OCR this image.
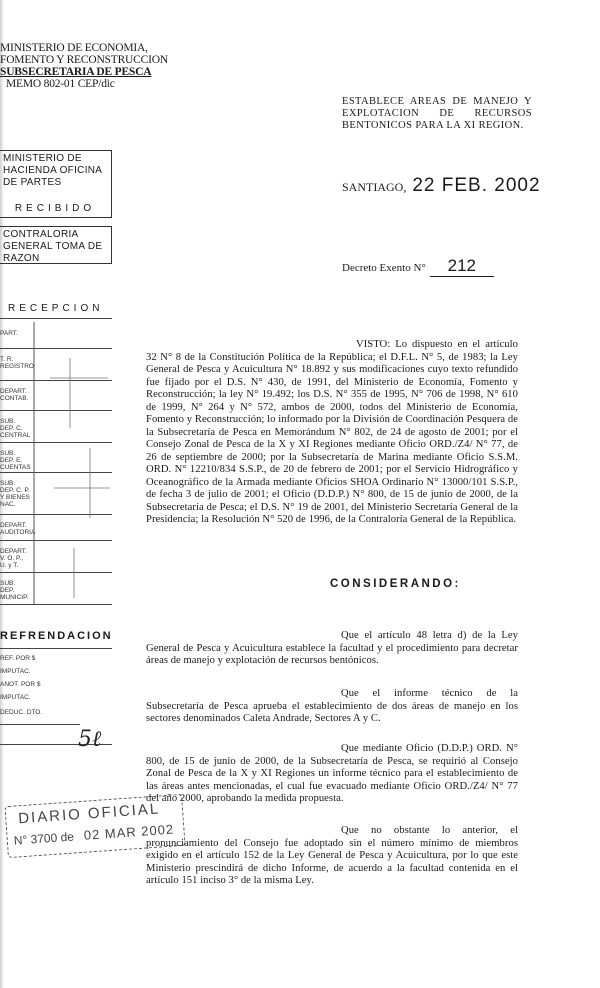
MINISTERIO DE ECONOMIA,
FOMENTO Y RECONSTRUCCION
SUBSECRETARIA DE PESCA
MEMO 802-01 CEP/dic
ESTABLECE AREAS DE MANEJO Y EXPLOTACION DE RECURSOS BENTONICOS PARA LA XI REGION.
SANTIAGO, 22 FEB. 2002
Decreto Exento N° 212
MINISTERIO DE HACIENDA OFICINA DE PARTES
RECIBIDO
CONTRALORIA GENERAL TOMA DE RAZON
RECEPCION
PART.
T. R. REGISTRO
DEPART. CONTAB.
SUB. DEP. C. CENTRAL
SUB. DEP. E. CUENTAS
SUB. DEP. C. P. Y BIENES NAC.
DEPART. AUDITORIA
DEPART. V. O. P., U. y T.
SUB. DEP. MUNICIP.
REFRENDACION
REF. POR $
IMPUTAC.
ANOT. POR $
IMPUTAC.
DEDUC. DTO.
5ℓ
DIARIO OFICIAL
N° 3700 de 02 MAR 2002
VISTO: Lo dispuesto en el artículo 32 N° 8 de la Constitución Política de la República; el D.F.L. N° 5, de 1983; la Ley General de Pesca y Acuicultura N° 18.892 y sus modificaciones cuyo texto refundido fue fijado por el D.S. N° 430, de 1991, del Ministerio de Economía, Fomento y Reconstrucción; la ley N° 19.492; los D.S. N° 355 de 1995, N° 706 de 1998, N° 610 de 1999, N° 264 y N° 572, ambos de 2000, todos del Ministerio de Economía, Fomento y Reconstrucción; lo informado por la División de Coordinación Pesquera de la Subsecretaría de Pesca en Memorándum N° 802, de 24 de agosto de 2001; por el Consejo Zonal de Pesca de la X y XI Regiones mediante Oficio ORD./Z4/ N° 77, de 26 de septiembre de 2000; por la Subsecretaría de Marina mediante Oficio S.S.M. ORD. N° 12210/834 S.S.P., de 20 de febrero de 2001; por el Servicio Hidrográfico y Oceanográfico de la Armada mediante Oficios SHOA Ordinario N° 13000/101 S.S.P., de fecha 3 de julio de 2001; el Oficio (D.D.P.) N° 800, de 15 de junio de 2000, de la Subsecretaría de Pesca; el D.S. N° 19 de 2001, del Ministerio Secretaría General de la Presidencia; la Resolución N° 520 de 1996, de la Contraloría General de la República.
CONSIDERANDO:
Que el artículo 48 letra d) de la Ley General de Pesca y Acuicultura establece la facultad y el procedimiento para decretar áreas de manejo y explotación de recursos bentónicos.
Que el informe técnico de la Subsecretaría de Pesca aprueba el establecimiento de dos áreas de manejo en los sectores denominados Caleta Andrade, Sectores A y C.
Que mediante Oficio (D.D.P.) ORD. N° 800, de 15 de junio de 2000, de la Subsecretaría de Pesca, se requirió al Consejo Zonal de Pesca de la X y XI Regiones un informe técnico para el establecimiento de las áreas antes mencionadas, el cual fue evacuado mediante Oficio ORD./Z4/ N° 77 del año 2000, aprobando la medida propuesta.
Que no obstante lo anterior, el pronunciamiento del Consejo fue adoptado sin el número mínimo de miembros exigido en el artículo 152 de la Ley General de Pesca y Acuicultura, por lo que este Ministerio prescindirá de dicho Informe, de acuerdo a la facultad contenida en el artículo 151 inciso 3° de la misma Ley.
